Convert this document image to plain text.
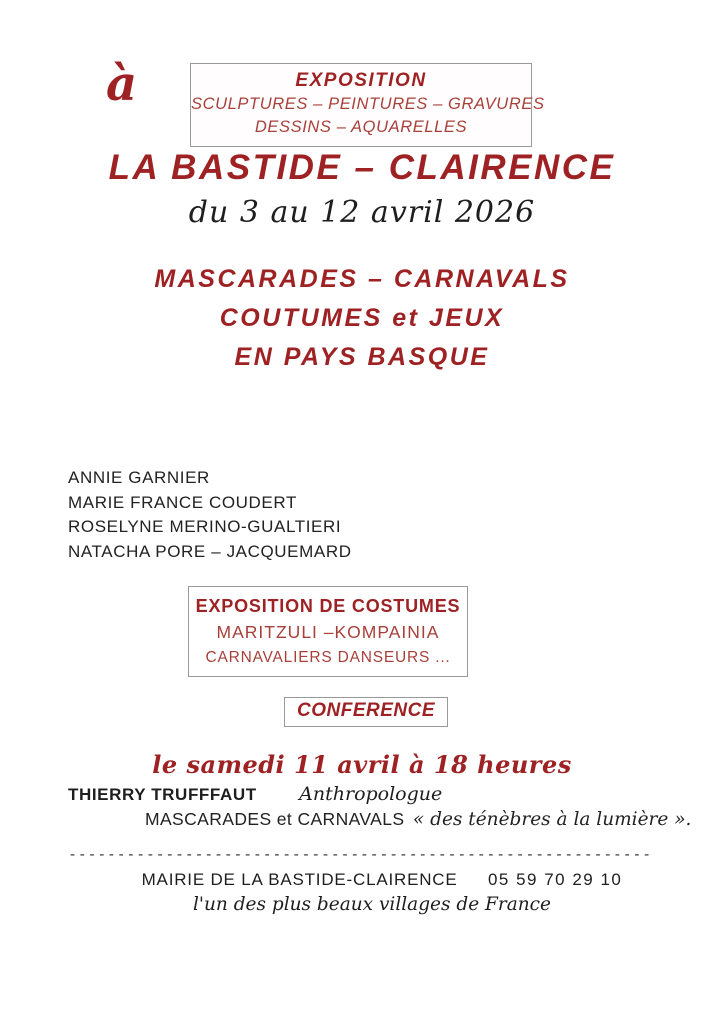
à	EXPOSITION
SCULPTURES – PEINTURES – GRAVURES
DESSINS – AQUARELLES
LA BASTIDE – CLAIRENCE
du 3 au 12 avril 2026
MASCARADES – CARNAVALS
COUTUMES et JEUX
EN PAYS BASQUE
ANNIE GARNIER
MARIE FRANCE COUDERT
ROSELYNE MERINO-GUALTIERI
NATACHA PORE – JACQUEMARD
EXPOSITION DE COSTUMES
MARITZULI –KOMPAINIA
CARNAVALIERS DANSEURS ...
CONFERENCE
le samedi 11 avril à 18 heures
THIERRY TRUFFFAUT Anthropologue
MASCARADES et CARNAVALS « des ténèbres à la lumière ».
------------------------------------------------------------
MAIRIE DE LA BASTIDE-CLAIRENCE 05 59 70 29 10
l'un des plus beaux villages de France
